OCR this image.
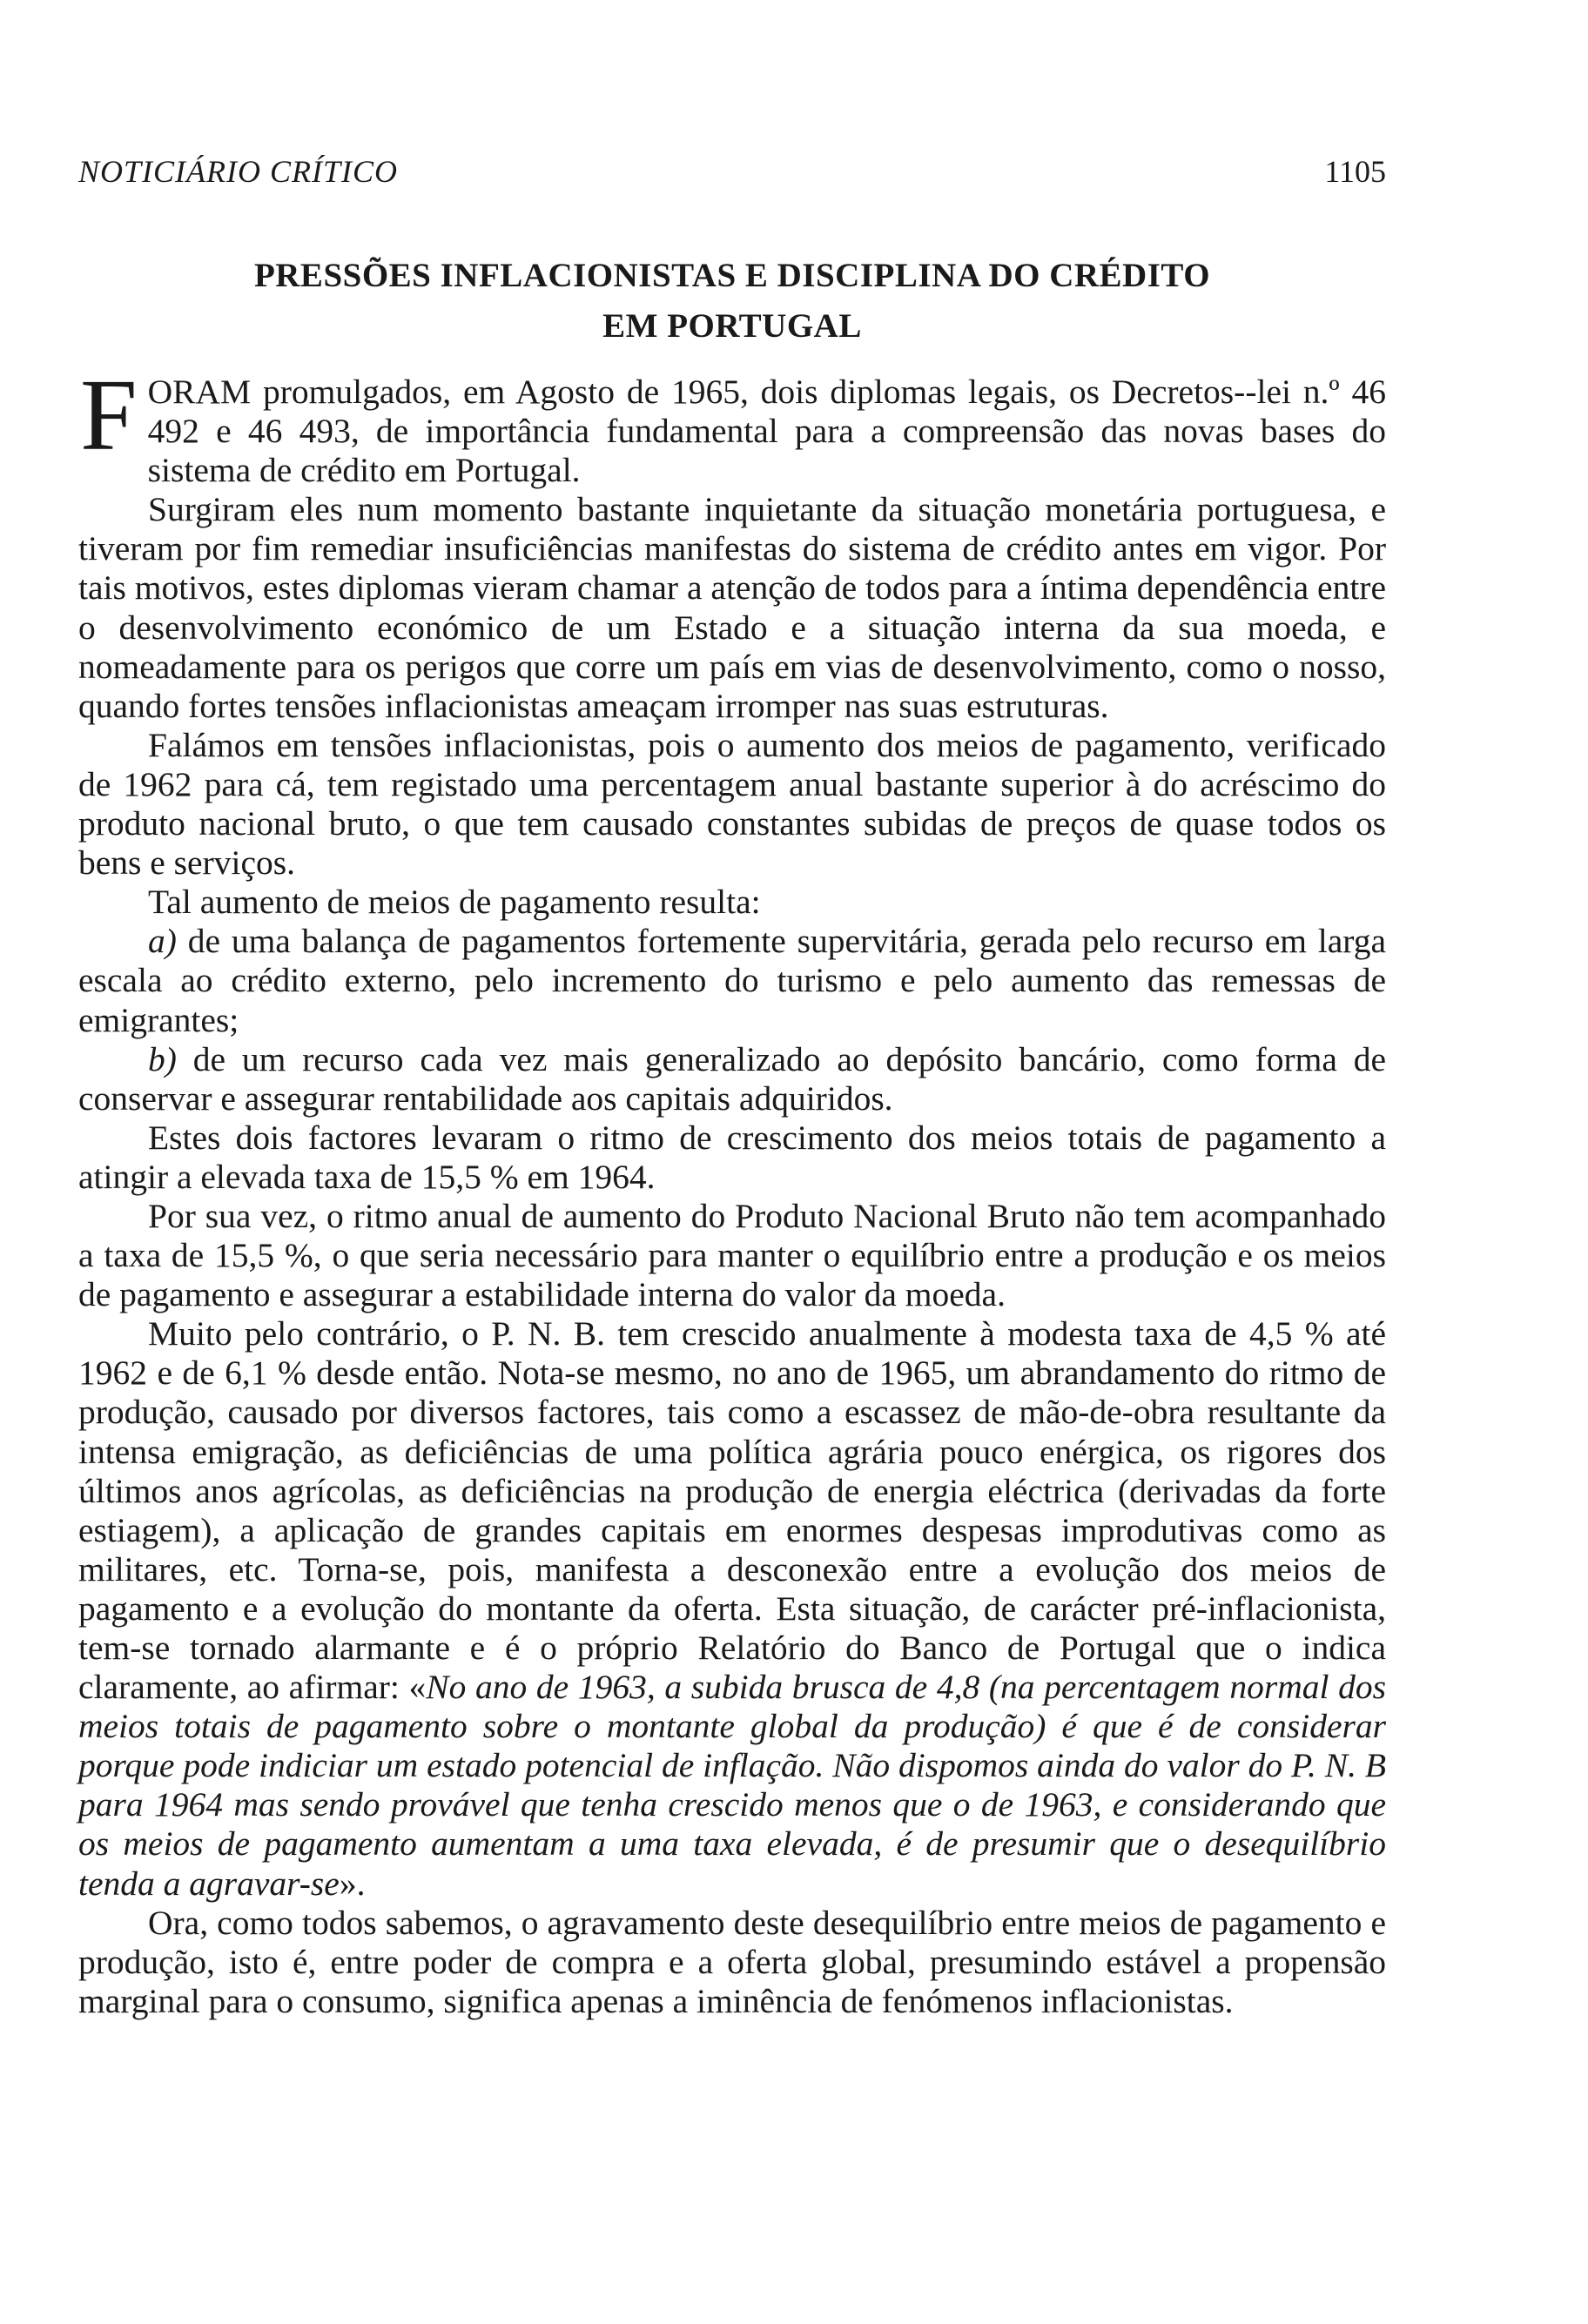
NOTICIÁRIO CRÍTICO	1105
PRESSÕES INFLACIONISTAS E DISCIPLINA DO CRÉDITO
EM PORTUGAL

FORAM promulgados, em Agosto de 1965, dois diplomas legais, os Decretos--lei n.º 46 492 e 46 493, de importância fundamental para a compreensão das novas bases do sistema de crédito em Portugal.

Surgiram eles num momento bastante inquietante da situação monetária portuguesa, e tiveram por fim remediar insuficiências manifestas do sistema de crédito antes em vigor. Por tais motivos, estes diplomas vieram chamar a atenção de todos para a íntima dependência entre o desenvolvimento económico de um Estado e a situação interna da sua moeda, e nomeadamente para os perigos que corre um país em vias de desenvolvimento, como o nosso, quando fortes tensões inflacionistas ameaçam irromper nas suas estruturas.

Falámos em tensões inflacionistas, pois o aumento dos meios de pagamento, verificado de 1962 para cá, tem registado uma percentagem anual bastante superior à do acréscimo do produto nacional bruto, o que tem causado constantes subidas de preços de quase todos os bens e serviços.

Tal aumento de meios de pagamento resulta:

a) de uma balança de pagamentos fortemente supervitária, gerada pelo recurso em larga escala ao crédito externo, pelo incremento do turismo e pelo aumento das remessas de emigrantes;

b) de um recurso cada vez mais generalizado ao depósito bancário, como forma de conservar e assegurar rentabilidade aos capitais adquiridos.

Estes dois factores levaram o ritmo de crescimento dos meios totais de pagamento a atingir a elevada taxa de 15,5 % em 1964.

Por sua vez, o ritmo anual de aumento do Produto Nacional Bruto não tem acompanhado a taxa de 15,5 %, o que seria necessário para manter o equilíbrio entre a produção e os meios de pagamento e assegurar a estabilidade interna do valor da moeda.

Muito pelo contrário, o P. N. B. tem crescido anualmente à modesta taxa de 4,5 % até 1962 e de 6,1 % desde então. Nota-se mesmo, no ano de 1965, um abrandamento do ritmo de produção, causado por diversos factores, tais como a escassez de mão-de-obra resultante da intensa emigração, as deficiências de uma política agrária pouco enérgica, os rigores dos últimos anos agrícolas, as deficiências na produção de energia eléctrica (derivadas da forte estiagem), a aplicação de grandes capitais em enormes despesas improdutivas como as militares, etc. Torna-se, pois, manifesta a desconexão entre a evolução dos meios de pagamento e a evolução do montante da oferta. Esta situação, de carácter pré-inflacionista, tem-se tornado alarmante e é o próprio Relatório do Banco de Portugal que o indica claramente, ao afirmar: «No ano de 1963, a subida brusca de 4,8 (na percentagem normal dos meios totais de pagamento sobre o montante global da produção) é que é de considerar porque pode indiciar um estado potencial de inflação. Não dispomos ainda do valor do P. N. B para 1964 mas sendo provável que tenha crescido menos que o de 1963, e considerando que os meios de pagamento aumentam a uma taxa elevada, é de presumir que o desequilíbrio tenda a agravar-se».

Ora, como todos sabemos, o agravamento deste desequilíbrio entre meios de pagamento e produção, isto é, entre poder de compra e a oferta global, presumindo estável a propensão marginal para o consumo, significa apenas a iminência de fenómenos inflacionistas.
